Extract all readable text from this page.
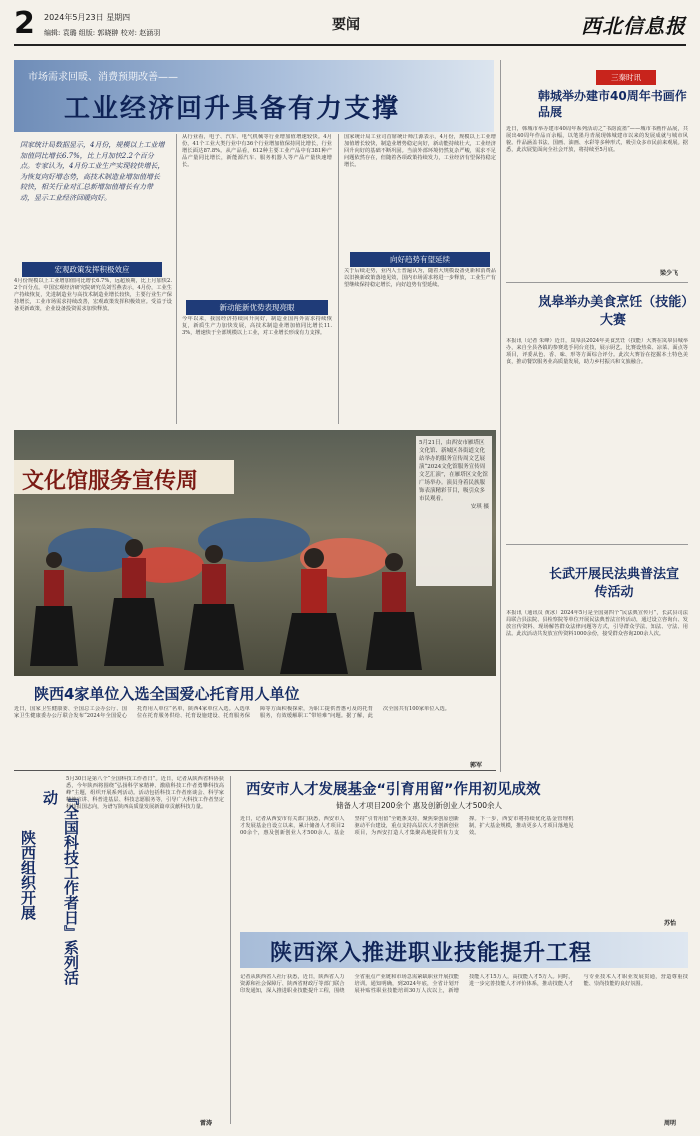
2 2024年5月23日 星期四
编辑: 袁璐 组版: 郭晓翀 校对: 赵涵羽	要闻	西北信息报
市场需求回暖、消费预期改善——
工业经济回升具备有力支撑
国家统计局数据显示，4月份，规模以上工业增加值同比增长6.7%，比上月加快2.2个百分点。专家认为，4月份工业生产实现较快增长，为恢复向好增态势，高技术制造业增加值增长较快，相关行业对汇总新增加值增长有力带动，显示工业经济回暖向好。
宏观政策发挥积极效应
4月份规模以上工业增加值同比增长6.7%，远超预期，比上月加快2.2个百分点。中国宏观经济研究院研究员刘雪燕表示，4月份，工业生产持续恢复，先进制造业与高技术制造业增长较快，主要行业生产保持增长，工业市场需求持续改善，宏观政策发挥积极效应。受益于设备更新政策，企业设备投资需求加快释放。
从行业看，电子、汽车、电气机械等行业增加值增速较快。4月份，41个工业大类行业中有36个行业增加值保持同比增长，行业增长面达87.8%。从产品看，612种主要工业产品中有381种产品产量同比增长，新能源汽车、服务机器人等产品产量快速增长。
新动能新优势表现亮眼
今年以来，我国经济持续回升向好，制造业国内外需求持续恢复，新质生产力加快发展，高技术制造业增加值同比增长11.3%，增速快于全部规模以上工业，对工业增长形成有力支撑。
国家统计局工业司首席统计师江源表示，4月份，规模以上工业增加值增长较快，制造业增势稳定向好，新动能持续壮大，工业经济回升向好的基础不断巩固。当前外部环境仍然复杂严峻，需求不足问题依然存在，但随着各项政策持续发力，工业经济有望保持稳定增长。
向好趋势有望延续
关于后续走势，业内人士普遍认为，随着大规模设备更新和消费品以旧换新政策落地见效，国内市场需求将进一步释放，工业生产有望继续保持稳定增长，向好趋势有望延续。
文化馆服务宣传周
5月21日，由西安市雁塔区文化馆、新城区各街道文化站举办的服务宣传周文艺展演“2024文化馆服务宣传周文艺汇演”，在雁塔区文化馆广场举办。演员身着民族服饰表演精彩节目，吸引众多市民观看。
安琪 摄
陕西4家单位入选全国爱心托育用人单位
近日，国家卫生健康委、全国总工会办公厅、国家卫生健康委办公厅联合发布“2024年全国爱心托育用人单位”名单，陕西4家单位入选。入选单位在托育服务供给、托育设施建设、托育服务保障等方面积极探索，为职工提供普惠可及的托育服务，有效缓解职工“带娃难”问题。据了解，此次全国共有100家单位入选。
郭军
三秦时讯
韩城举办建市40周年书画作品展
近日，韩城市举办建市40周年系列活动之“书韵流墨”——城市书画作品展，共展出40周年作品百余幅，以笔墨丹青展现韩城建市以来的发展成就与城市风貌。作品涵盖书法、国画、油画、水彩等多种形式，吸引众多市民前来观展。据悉，此次展览面向全社会开放，将持续至5月底。
梁少飞
岚皋举办美食烹饪（技能）大赛
本报讯（记者 朱峰）近日，岚皋县2024年美食烹饪（技能）大赛在岚皋县城举办，来自全县各镇的参赛选手同台竞技，展示厨艺。比赛设热菜、凉菜、面点等项目，评委从色、香、味、形等方面综合评分。此次大赛旨在挖掘本土特色美食，推动餐饮服务业高质量发展，助力乡村振兴和文旅融合。
长武开展民法典普法宣传活动
本报讯（通讯员 黄冰）2024年5月是全国第四个“民法典宣传月”，长武县司法局联合县法院、县检察院等单位开展民法典普法宣传活动，通过设立咨询台、发放宣传资料、现场解答群众法律问题等方式，引导群众学法、知法、守法、用法。此次活动共发放宣传资料1000余份，接受群众咨询200余人次。
『全国科技工作者日』系列活动
陕西组织开展
5月30日是第八个“全国科技工作者日”。近日，记者从陕西省科协获悉，今年陕西将围绕“弘扬科学家精神、激励科技工作者勇攀科技高峰”主题，组织开展系列活动。活动包括科技工作者座谈会、科学家精神宣讲、科普进基层、科技志愿服务等，引导广大科技工作者坚定科技报国志向，为谱写陕西高质量发展新篇章贡献科技力量。
雷涛
西安市人才发展基金“引育用留”作用初见成效
储备人才项目200余个 惠及创新创业人才500余人
近日，记者从西安市有关部门获悉，西安市人才发展基金自设立以来，累计储备人才项目200余个，惠及创新创业人才500余人。基金坚持“引育用留”全链条支持，聚焦秦创原创新驱动平台建设，重点支持高层次人才创新创业项目，为西安打造人才集聚高地提供有力支撑。下一步，西安市将持续优化基金管理机制，扩大基金规模，推动更多人才项目落地见效。
苏怡
陕西深入推进职业技能提升工程
记者从陕西省人社厅获悉，近日，陕西省人力资源和社会保障厅、陕西省财政厅等部门联合印发通知，深入推进职业技能提升工程，围绕全省重点产业链和市场急需紧缺职业开展技能培训。通知明确，到2024年底，全省计划开展补贴性职业技能培训30万人次以上，新增技能人才15万人，高技能人才5万人。同时，进一步完善技能人才评价体系，推动技能人才与专业技术人才职业发展贯通，营造尊重技能、崇尚技能的良好氛围。
周明
